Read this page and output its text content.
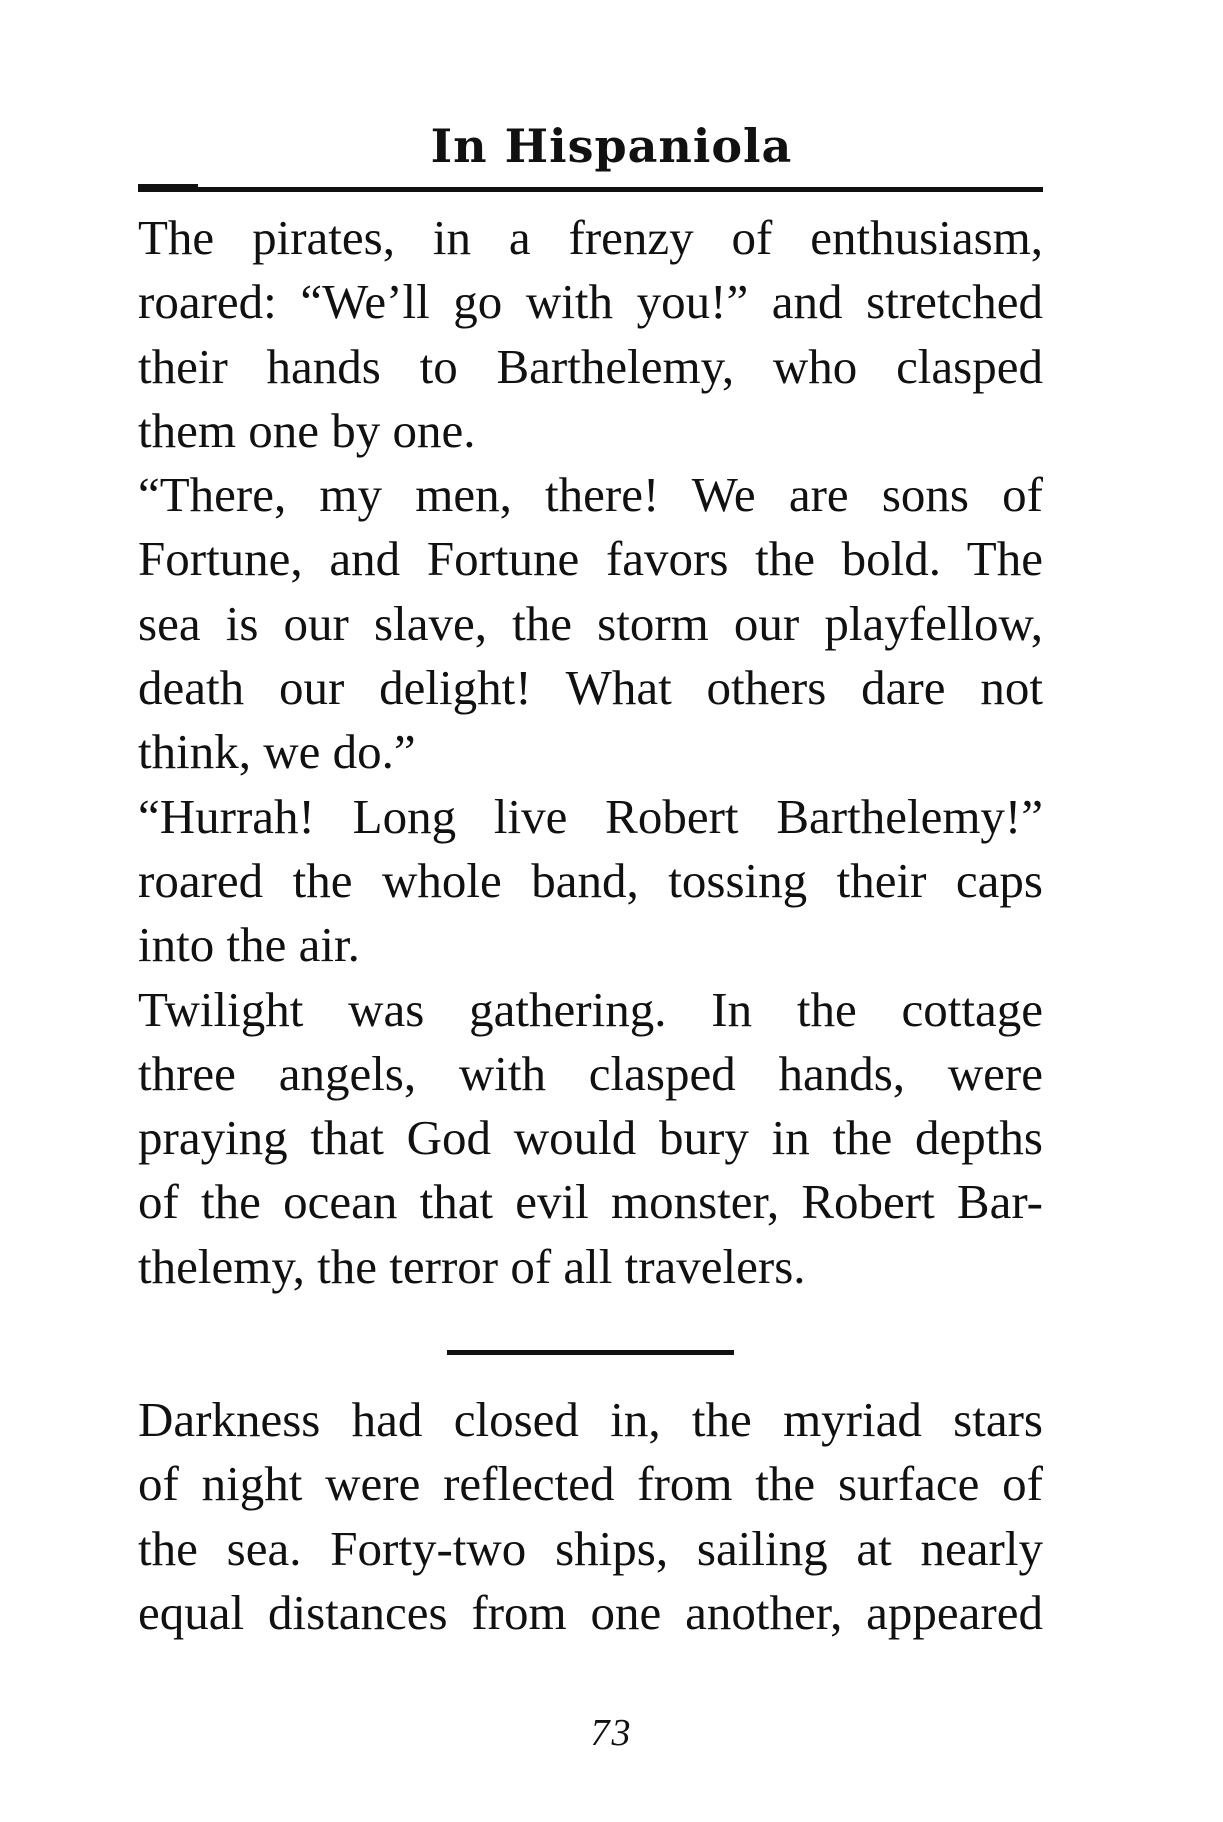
In Hispaniola
The pirates, in a frenzy of enthusiasm,
roared: “We’ll go with you!” and stretched
their hands to Barthelemy, who clasped
them one by one.
“There, my men, there! We are sons of
Fortune, and Fortune favors the bold. The
sea is our slave, the storm our playfellow,
death our delight! What others dare not
think, we do.”
“Hurrah! Long live Robert Barthelemy!”
roared the whole band, tossing their caps
into the air.
Twilight was gathering. In the cottage
three angels, with clasped hands, were
praying that God would bury in the depths
of the ocean that evil monster, Robert Bar-
thelemy, the terror of all travelers.
Darkness had closed in, the myriad stars
of night were reflected from the surface of
the sea. Forty-two ships, sailing at nearly
equal distances from one another, appeared
73
